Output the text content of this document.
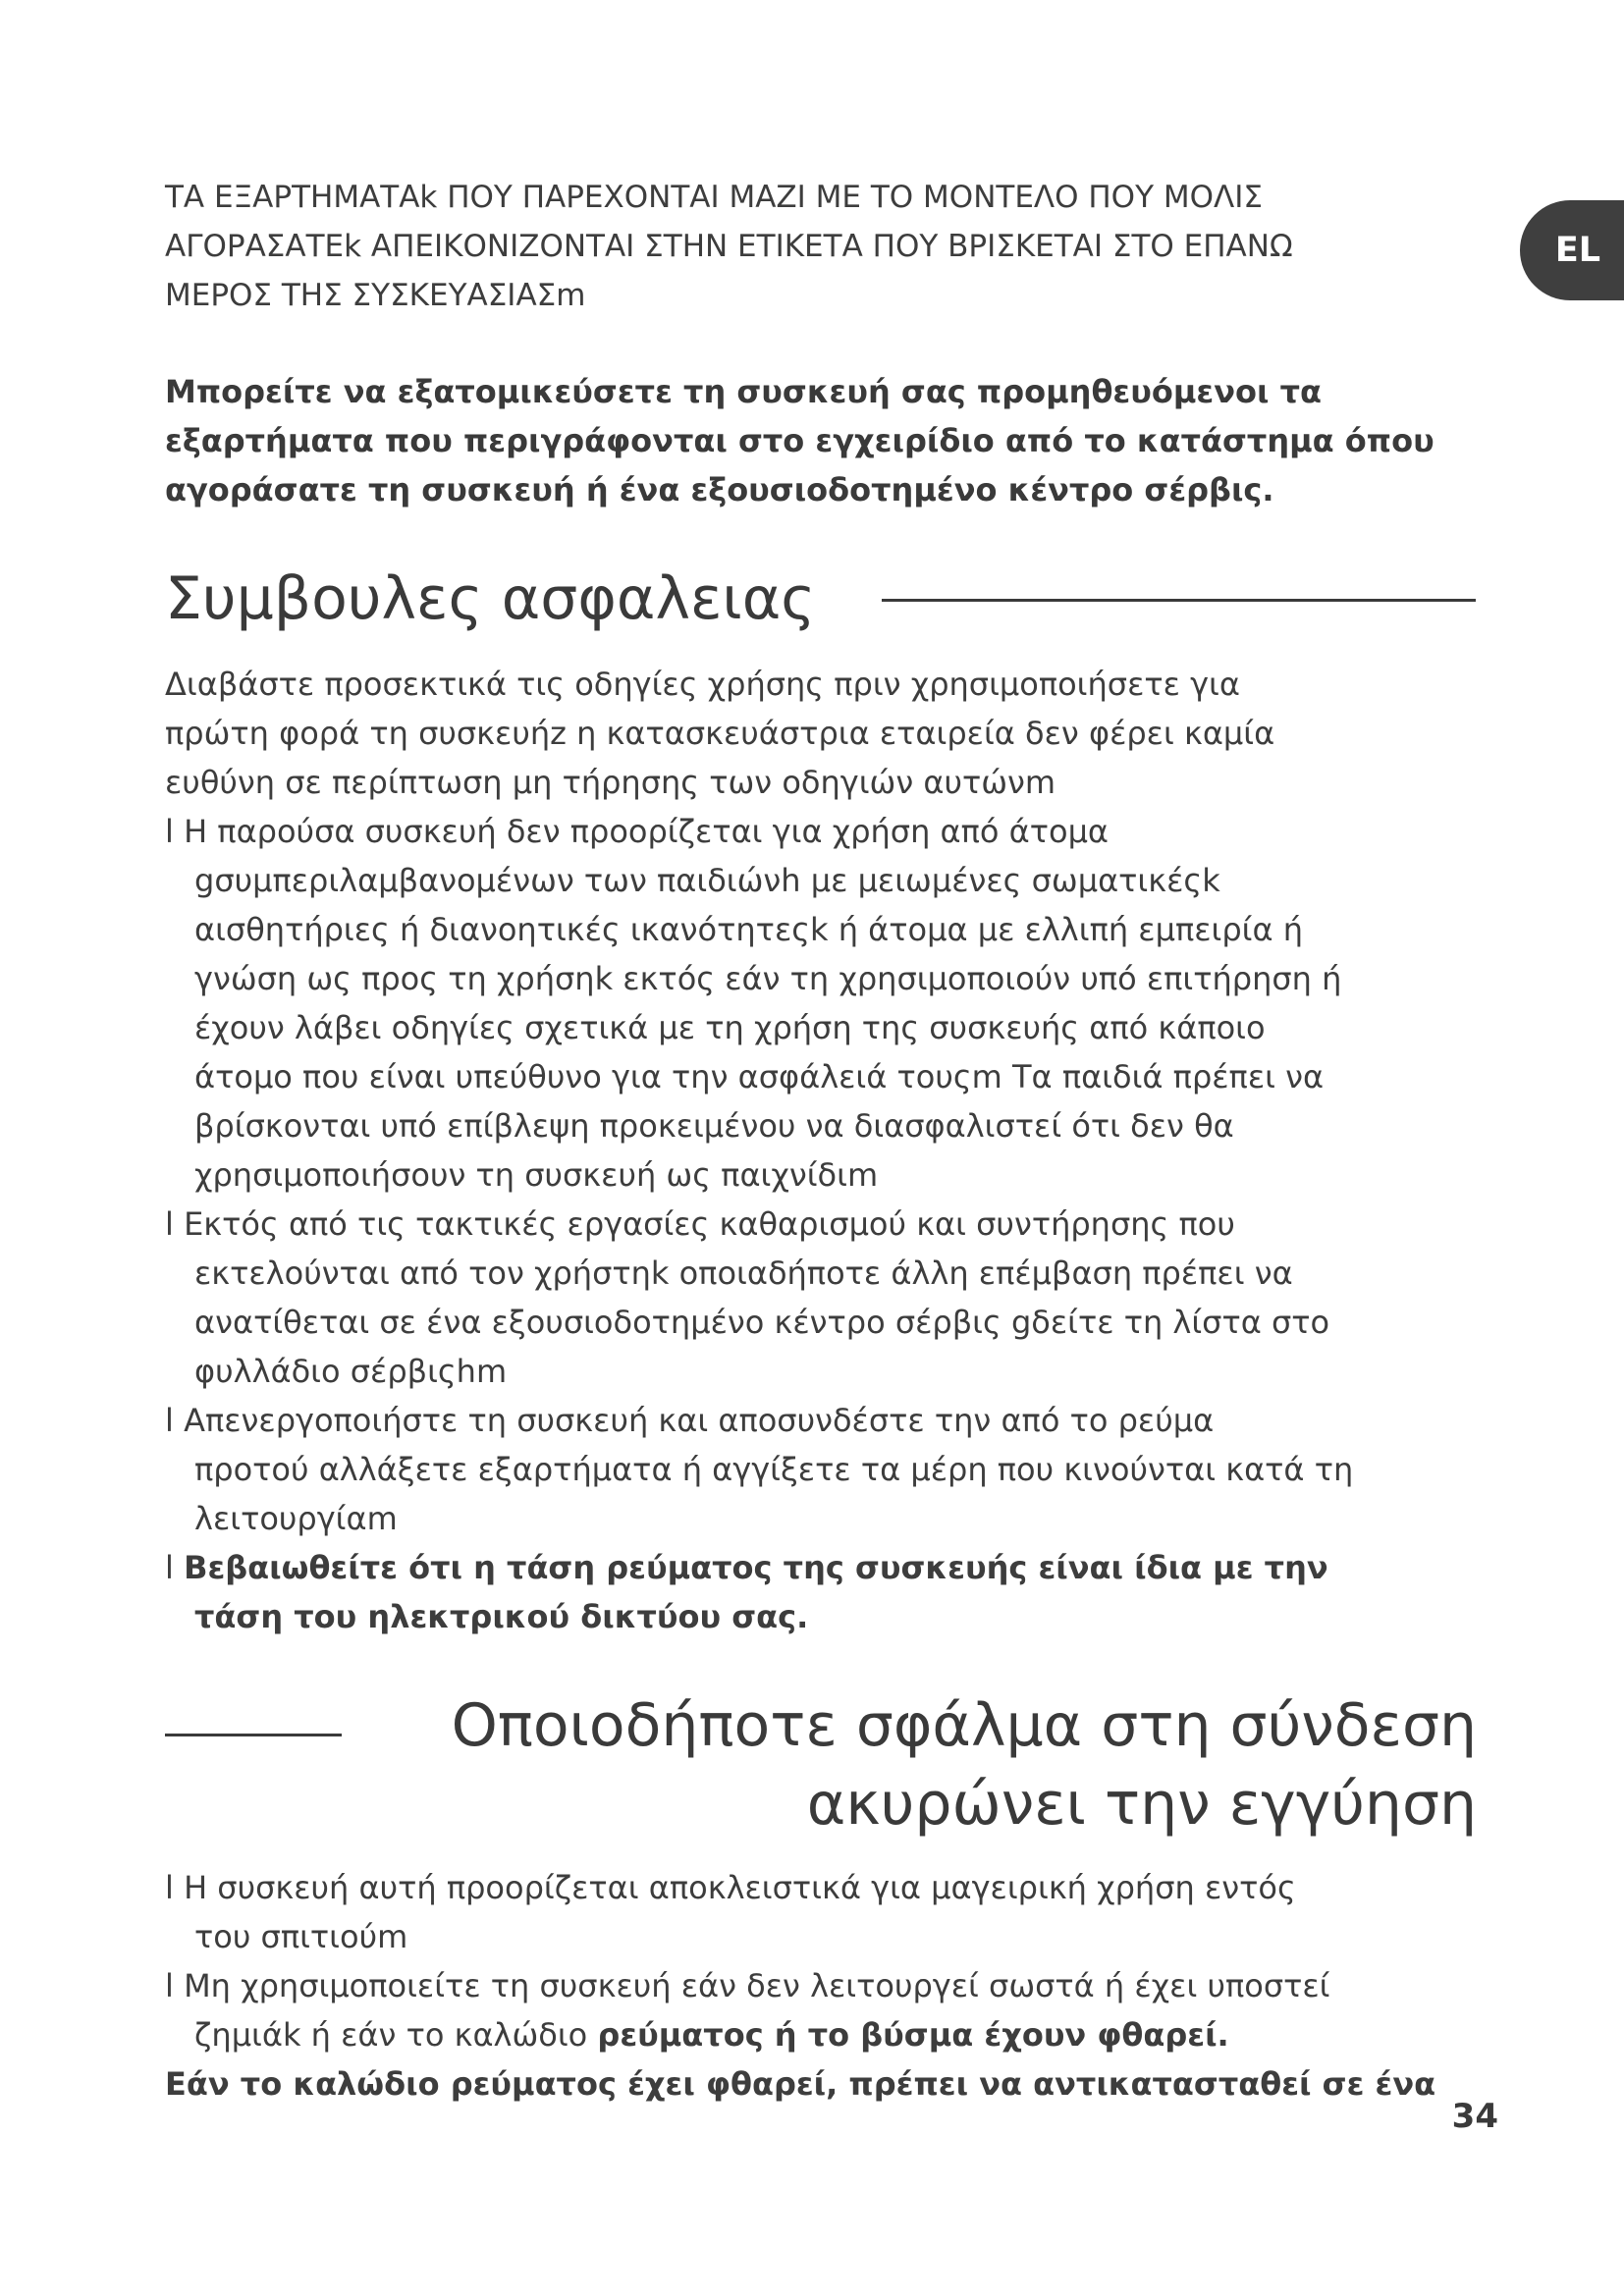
ΤΑ ΕΞΑΡΤΗΜΑΤΑk ΠΟΥ ΠΑΡΕΧΟΝΤΑΙ ΜΑΖΙ ΜΕ ΤΟ ΜΟΝΤΕΛΟ ΠΟΥ ΜΟΛΙΣ
ΑΓΟΡΑΣΑΤΕk ΑΠΕΙΚΟΝΙΖΟΝΤΑΙ ΣΤΗΝ ΕΤΙΚΕΤΑ ΠΟΥ ΒΡΙΣΚΕΤΑΙ ΣΤΟ ΕΠΑΝΩ
ΜΕΡΟΣ ΤΗΣ ΣΥΣΚΕΥΑΣΙΑΣm
EL
Μπορείτε να εξατομικεύσετε τη συσκευή σας προμηθευόμενοι τα
εξαρτήματα που περιγράφονται στο εγχειρίδιο από το κατάστημα όπου
αγοράσατε τη συσκευή ή ένα εξουσιοδοτημένο κέντρο σέρβις.
Συμβουλες ασφαλειας
Διαβάστε προσεκτικά τις οδηγίες χρήσης πριν χρησιμοποιήσετε για
πρώτη φορά τη συσκευήz η κατασκευάστρια εταιρεία δεν φέρει καμία
ευθύνη σε περίπτωση μη τήρησης των οδηγιών αυτώνm
l Η παρούσα συσκευή δεν προορίζεται για χρήση από άτομα
gσυμπεριλαμβανομένων των παιδιώνh με μειωμένες σωματικέςk
αισθητήριες ή διανοητικές ικανότητεςk ή άτομα με ελλιπή εμπειρία ή
γνώση ως προς τη χρήσηk εκτός εάν τη χρησιμοποιούν υπό επιτήρηση ή
έχουν λάβει οδηγίες σχετικά με τη χρήση της συσκευής από κάποιο
άτομο που είναι υπεύθυνο για την ασφάλειά τουςm Τα παιδιά πρέπει να
βρίσκονται υπό επίβλεψη προκειμένου να διασφαλιστεί ότι δεν θα
χρησιμοποιήσουν τη συσκευή ως παιχνίδιm
l Εκτός από τις τακτικές εργασίες καθαρισμού και συντήρησης που
εκτελούνται από τον χρήστηk οποιαδήποτε άλλη επέμβαση πρέπει να
ανατίθεται σε ένα εξουσιοδοτημένο κέντρο σέρβις gδείτε τη λίστα στο
φυλλάδιο σέρβιςhm
l Απενεργοποιήστε τη συσκευή και αποσυνδέστε την από το ρεύμα
προτού αλλάξετε εξαρτήματα ή αγγίξετε τα μέρη που κινούνται κατά τη
λειτουργίαm
l Βεβαιωθείτε ότι η τάση ρεύματος της συσκευής είναι ίδια με την
τάση του ηλεκτρικού δικτύου σας.
Οποιοδήποτε σφάλμα στη σύνδεση
ακυρώνει την εγγύηση
l Η συσκευή αυτή προορίζεται αποκλειστικά για μαγειρική χρήση εντός
του σπιτιούm
l Μη χρησιμοποιείτε τη συσκευή εάν δεν λειτουργεί σωστά ή έχει υποστεί
ζημιάk ή εάν το καλώδιο ρεύματος ή το βύσμα έχουν φθαρεί.
Εάν το καλώδιο ρεύματος έχει φθαρεί, πρέπει να αντικατασταθεί σε ένα
34
